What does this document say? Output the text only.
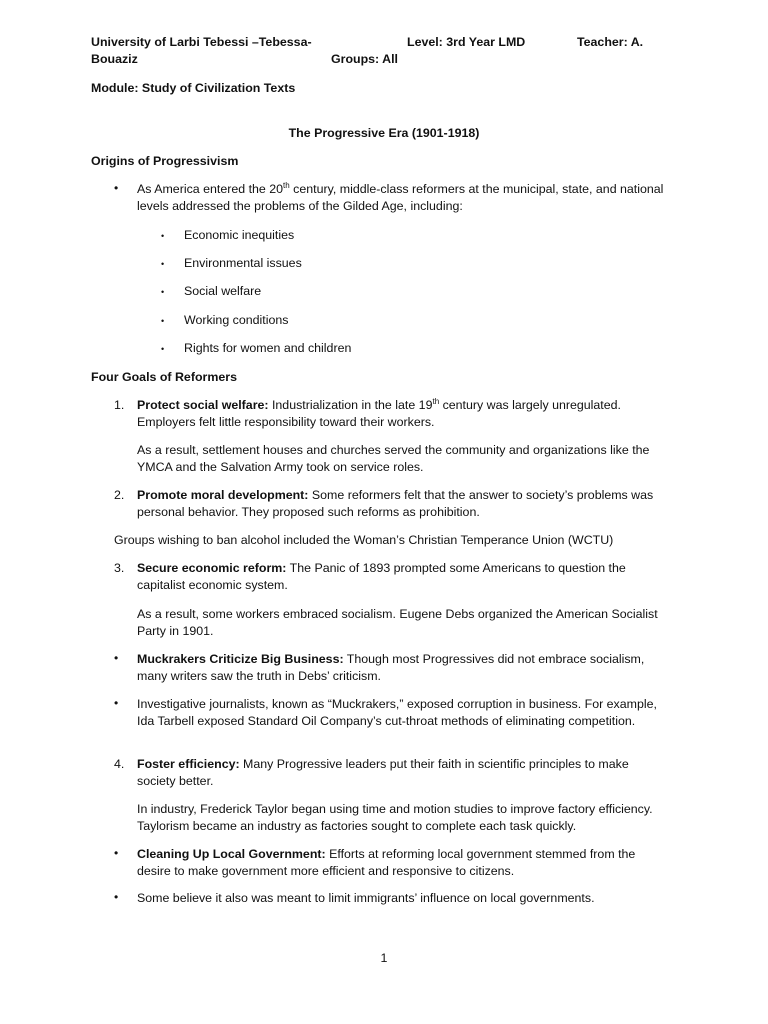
University of Larbi Tebessi –Tebessa-
Bouaziz
Level: 3rd Year LMD	Teacher: A.
Groups: All
Module: Study of Civilization Texts
The Progressive Era (1901-1918)
Origins of Progressivism
• As America entered the 20th century, middle-class reformers at the municipal, state, and national levels addressed the problems of the Gilded Age, including:
• Economic inequities
• Environmental issues
• Social welfare
• Working conditions
• Rights for women and children
Four Goals of Reformers
1. Protect social welfare: Industrialization in the late 19th century was largely unregulated. Employers felt little responsibility toward their workers.
As a result, settlement houses and churches served the community and organizations like the YMCA and the Salvation Army took on service roles.
2. Promote moral development: Some reformers felt that the answer to society’s problems was personal behavior. They proposed such reforms as prohibition.
Groups wishing to ban alcohol included the Woman’s Christian Temperance Union (WCTU)
3. Secure economic reform: The Panic of 1893 prompted some Americans to question the capitalist economic system.
As a result, some workers embraced socialism. Eugene Debs organized the American Socialist Party in 1901.
• Muckrakers Criticize Big Business: Though most Progressives did not embrace socialism, many writers saw the truth in Debs’ criticism.
• Investigative journalists, known as “Muckrakers,” exposed corruption in business. For example, Ida Tarbell exposed Standard Oil Company’s cut-throat methods of eliminating competition.
4. Foster efficiency: Many Progressive leaders put their faith in scientific principles to make society better.
In industry, Frederick Taylor began using time and motion studies to improve factory efficiency. Taylorism became an industry as factories sought to complete each task quickly.
• Cleaning Up Local Government: Efforts at reforming local government stemmed from the desire to make government more efficient and responsive to citizens.
• Some believe it also was meant to limit immigrants’ influence on local governments.
1
